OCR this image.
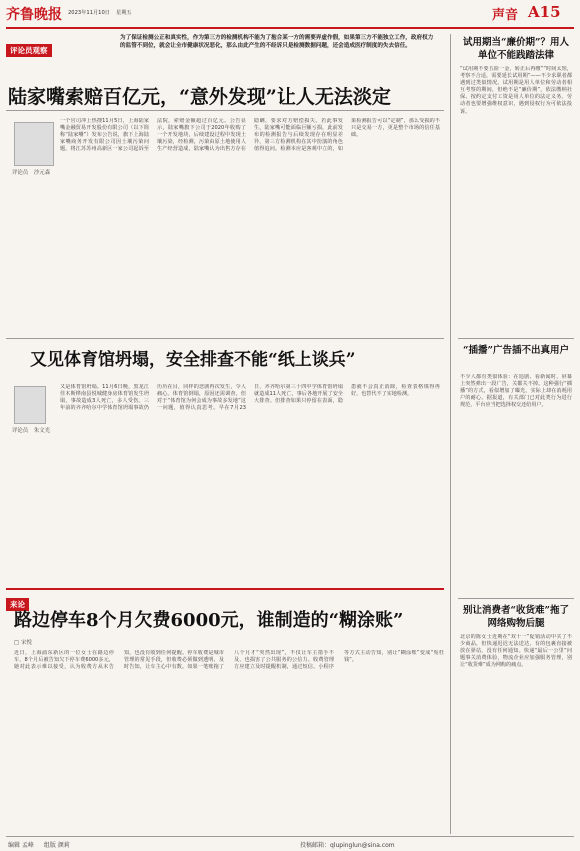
齐鲁晚报 2023年11月10日 星期五	声音 A15
评论员观察
为了保证检测公正和真实性，作为第三方的检测机构不能为了抱合某一方的需要弄虚作假，如果第三方不能独立工作，政府权力的监管不到位，就会让全市健康状况恶化，那么由此产生的不经诉只是检测数据问题，还会造成医疗制度的失去信任。
陆家嘴索赔百亿元，“意外发现”让人无法淡定
评论员 沙元森
一个官司冲上热搜11月5日，上海陆家嘴金融贸易开发股份有限公司（以下简称“陆家嘴”）发布公告说，旗下上海陆家嘴商务开发有限公司因土壤污染问题，将江苏苏州高新区一家公司起诉至法院，索赔金额超过百亿元。公告显示，陆家嘴旗下公司于2020年收购了一个开发地块，后续建设过程中发现土壤污染，经检测，污染由原土地使用人生产经营造成，陆家嘴认为出售方存在隐瞒，要求对方赔偿损失。若此事发生，陆家嘴可能面临巨额亏损，此前发布的检测报告与后续发现存在明显差异，第三方检测机构在其中扮演的角色值得追问。检测本应是客观中立的，如果检测报告可以“定制”，那么受损的不只是交易一方，更是整个市场的信任基础。
又见体育馆坍塌，安全排查不能“纸上谈兵”
评论员 朱文光
又是体育馆坍塌。11月6日晚，黑龙江佳木斯桦南县悦城健身房体育馆发生坍塌，事故造成3人死亡，多人受伤。三年前的齐齐哈尔中学体育馆坍塌事故仍历历在目，同样的悲剧再次发生，令人痛心。体育馆倒塌，原因还需调查，但对于“体育馆为何会成为事故多发地”这一问题，值得认真思考。早在7月23日，齐齐哈尔第三十四中学体育馆坍塌就造成11人死亡，事后各地开展了安全大排查。但排查如果只停留在表面，隐患就不会真正消除，检查表格填得再好，也替代不了实地检测。
来论
路边停车8个月欠费6000元，谁制造的“糊涂账”
□ 宋悦
近日，上海浦东新区的一位女士在路边停车，8个月后被告知欠下停车费6000多元，她对此表示难以接受，认为收费方从未告知，也没有收到任何提醒。停车收费是城市管理的常见手段，但收费必须做到透明、及时告知，让车主心中有数。如果一笔账拖了八个月才“突然出现”，不仅让车主措手不及，也损害了公共服务的公信力。收费管理方应建立及时提醒机制，通过短信、小程序等方式主动告知，别让“糊涂账”变成“冤枉钱”。
试用期当“廉价期”？用人单位不能践踏法律
“试用期不要五险一金，转正后再缴”“时间太短，考察不合适，需要延长试用期”——不少求职者都遇到过类似情况。试用期是用人单位和劳动者相互考察的期间，但绝不是“廉价期”，依法缴纳社保、按约定支付工资是用人单位的法定义务。劳动者也要增强维权意识，遇到侵权行为可依法投诉。
“插播”广告插不出真用户
不少人都有类似体验：在追剧、看新闻时，屏幕上突然弹出一段广告，关都关不掉。这种强行“插播”的方式，看似增加了曝光，实际上却在消耗用户的耐心。据报道，有关部门已对此类行为进行规范，平台应当把选择权交还给用户。
别让消费者“收货难”拖了网络购物后腿
北京的陈女士近期在“双十一”促销活动中买了不少商品，但快递迟迟无法送达，有的包裹直接被放在驿站，没有任何通知。快递“最后一公里”问题事关消费体验，物流企业应加强服务管理，别让“收货难”成为网购的痛点。
编辑 孟峰 组版 颜莉	投稿邮箱：qlupinglun@sina.com
